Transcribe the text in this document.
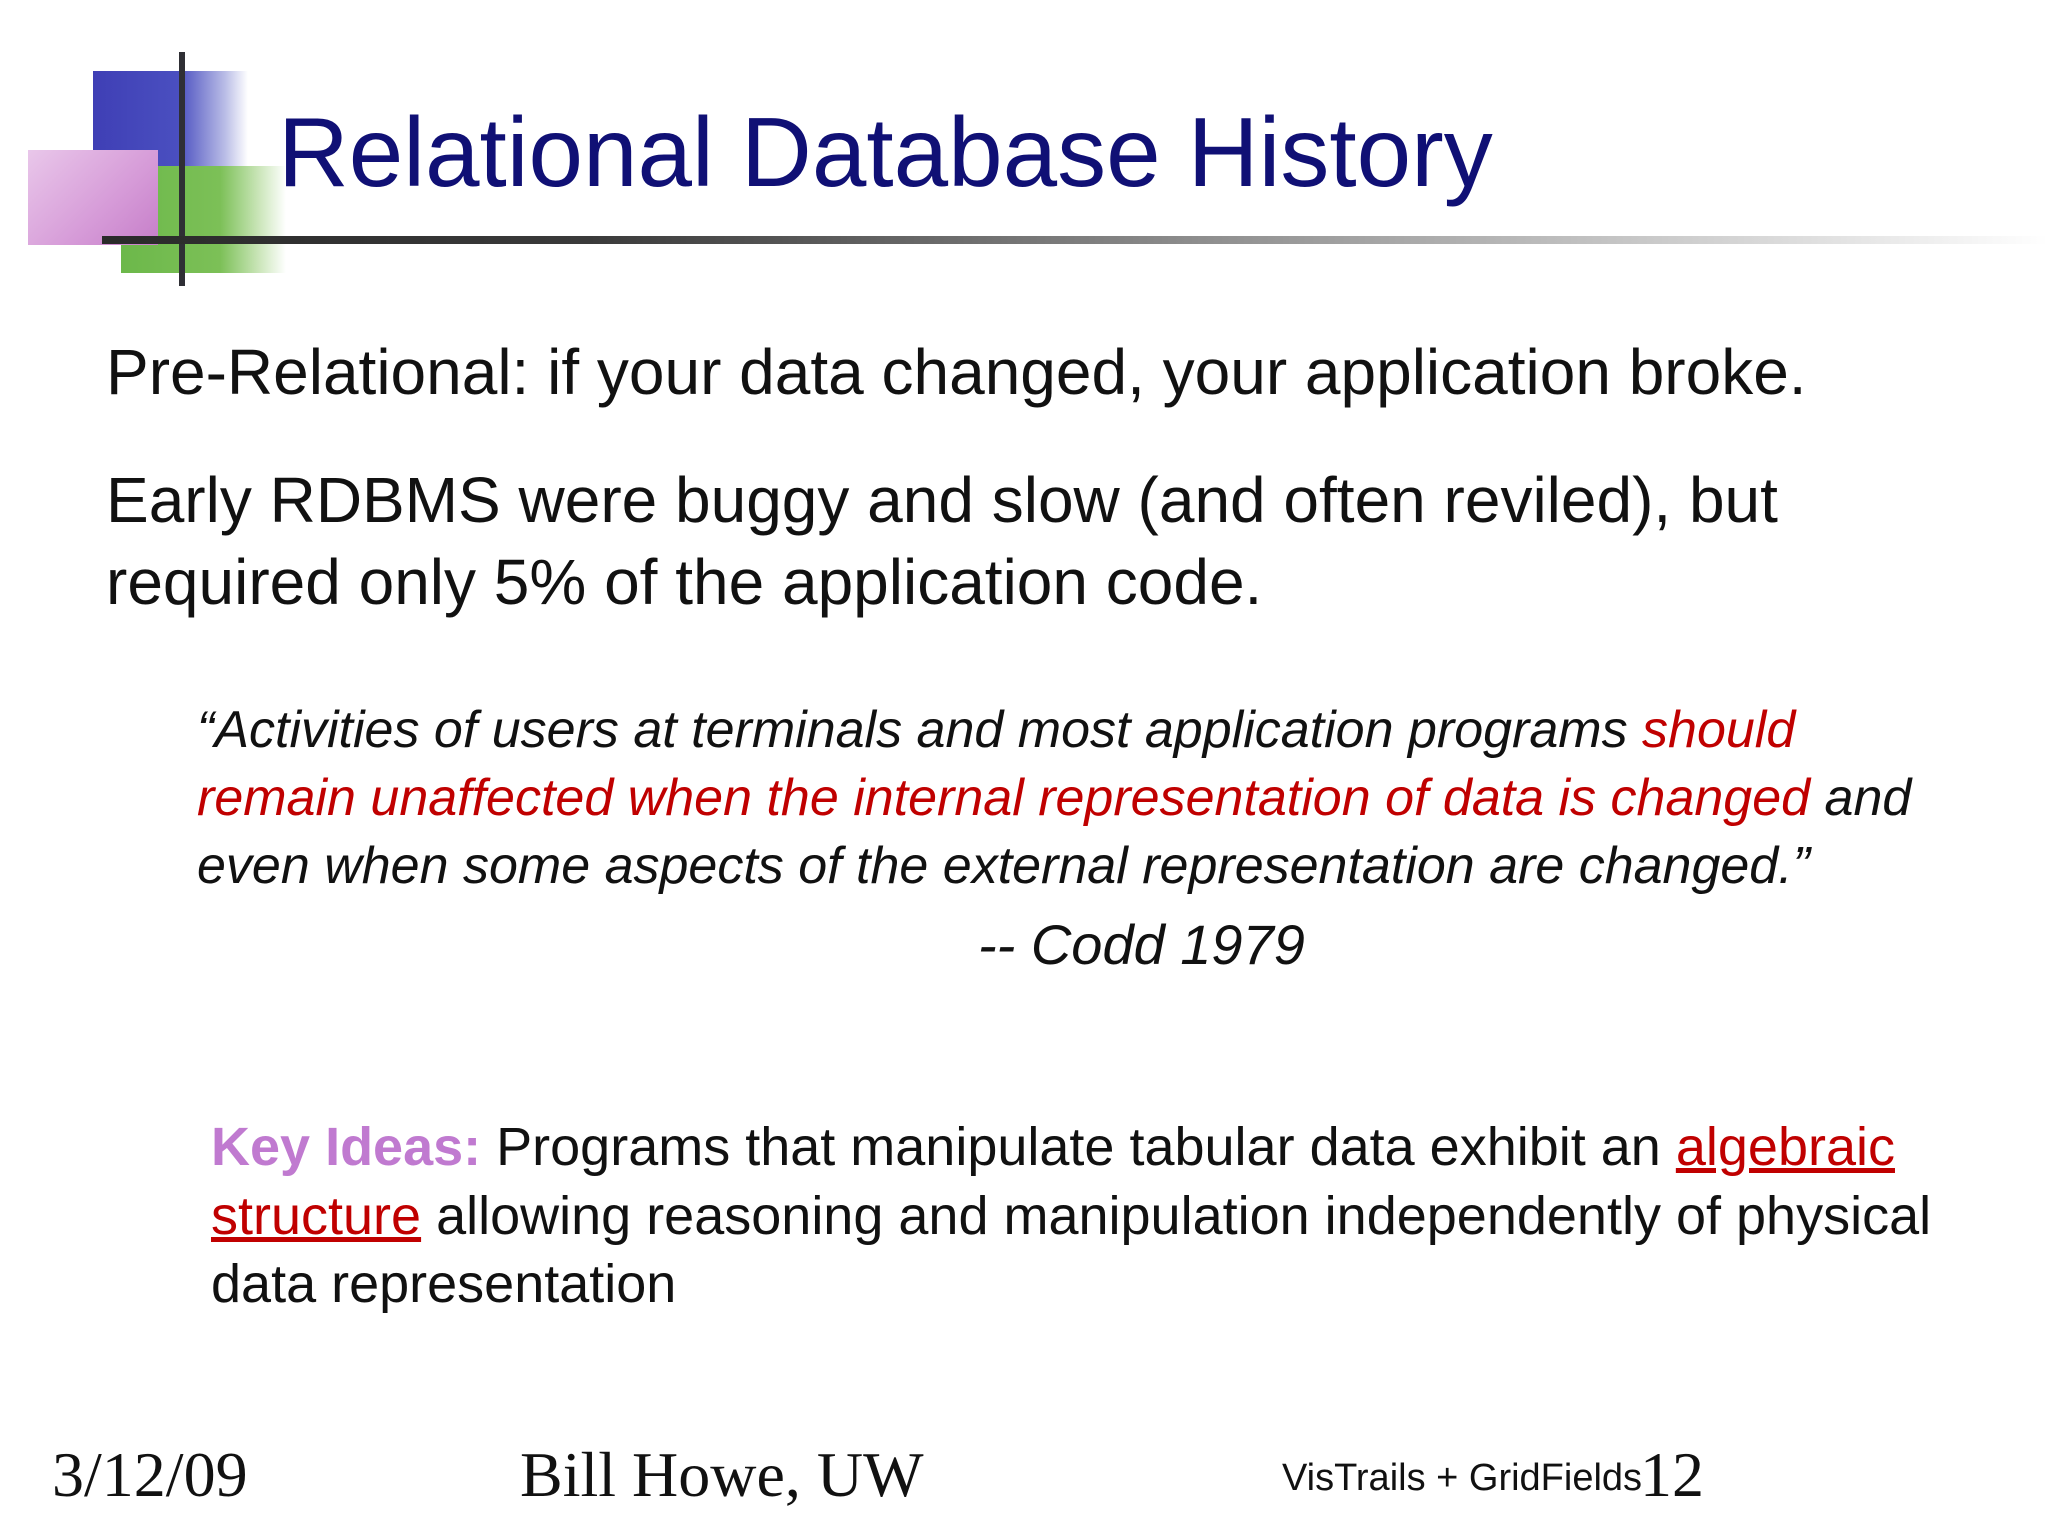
Relational Database History
Pre-Relational: if your data changed, your application broke.
Early RDBMS were buggy and slow (and often reviled), but required only 5% of the application code.
“Activities of users at terminals and most application programs should remain unaffected when the internal representation of data is changed and even when some aspects of the external representation are changed.”
-- Codd 1979
Key Ideas: Programs that manipulate tabular data exhibit an algebraic structure allowing reasoning and manipulation independently of physical data representation
3/12/09	Bill Howe, UW	VisTrails + GridFields
12
